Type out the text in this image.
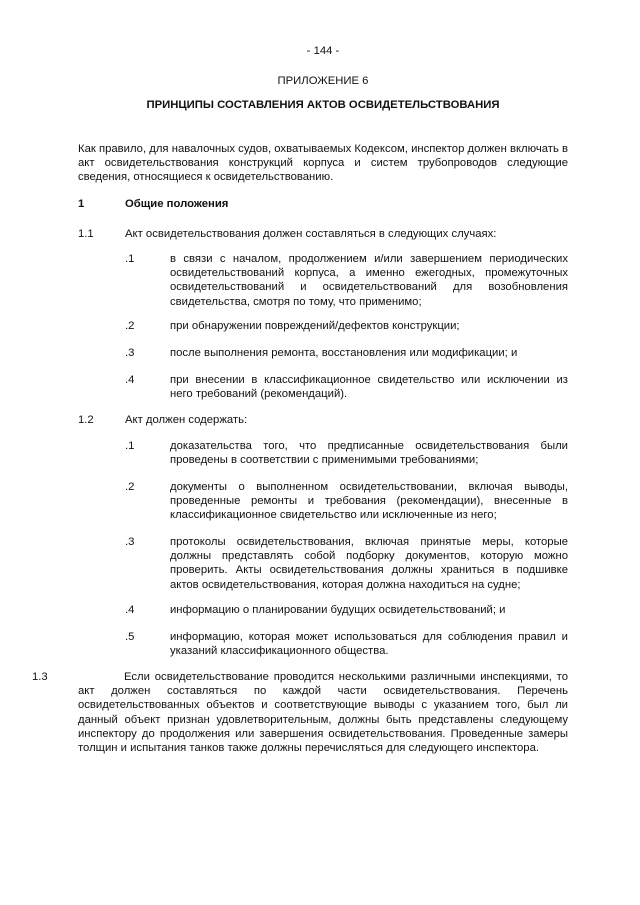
- 144 -
ПРИЛОЖЕНИЕ 6
ПРИНЦИПЫ СОСТАВЛЕНИЯ АКТОВ ОСВИДЕТЕЛЬСТВОВАНИЯ
Как правило, для навалочных судов, охватываемых Кодексом, инспектор должен включать в акт освидетельствования конструкций корпуса и систем трубопроводов следующие сведения, относящиеся к освидетельствованию.
1	Общие положения
1.1	Акт освидетельствования должен составляться в следующих случаях:
.1	в связи с началом, продолжением и/или завершением периодических освидетельствований корпуса, а именно ежегодных, промежуточных освидетельствований и освидетельствований для возобновления свидетельства, смотря по тому, что применимо;
.2	при обнаружении повреждений/дефектов конструкции;
.3	после выполнения ремонта, восстановления или модификации; и
.4	при внесении в классификационное свидетельство или исключении из него требований (рекомендаций).
1.2	Акт должен содержать:
.1	доказательства того, что предписанные освидетельствования были проведены в соответствии с применимыми требованиями;
.2	документы о выполненном освидетельствовании, включая выводы, проведенные ремонты и требования (рекомендации), внесенные в классификационное свидетельство или исключенные из него;
.3	протоколы освидетельствования, включая принятые меры, которые должны представлять собой подборку документов, которую можно проверить. Акты освидетельствования должны храниться в подшивке актов освидетельствования, которая должна находиться на судне;
.4	информацию о планировании будущих освидетельствований; и
.5	информацию, которая может использоваться для соблюдения правил и указаний классификационного общества.
1.3	Если освидетельствование проводится несколькими различными инспекциями, то акт должен составляться по каждой части освидетельствования. Перечень освидетельствованных объектов и соответствующие выводы с указанием того, был ли данный объект признан удовлетворительным, должны быть представлены следующему инспектору до продолжения или завершения освидетельствования. Проведенные замеры толщин и испытания танков также должны перечисляться для следующего инспектора.
